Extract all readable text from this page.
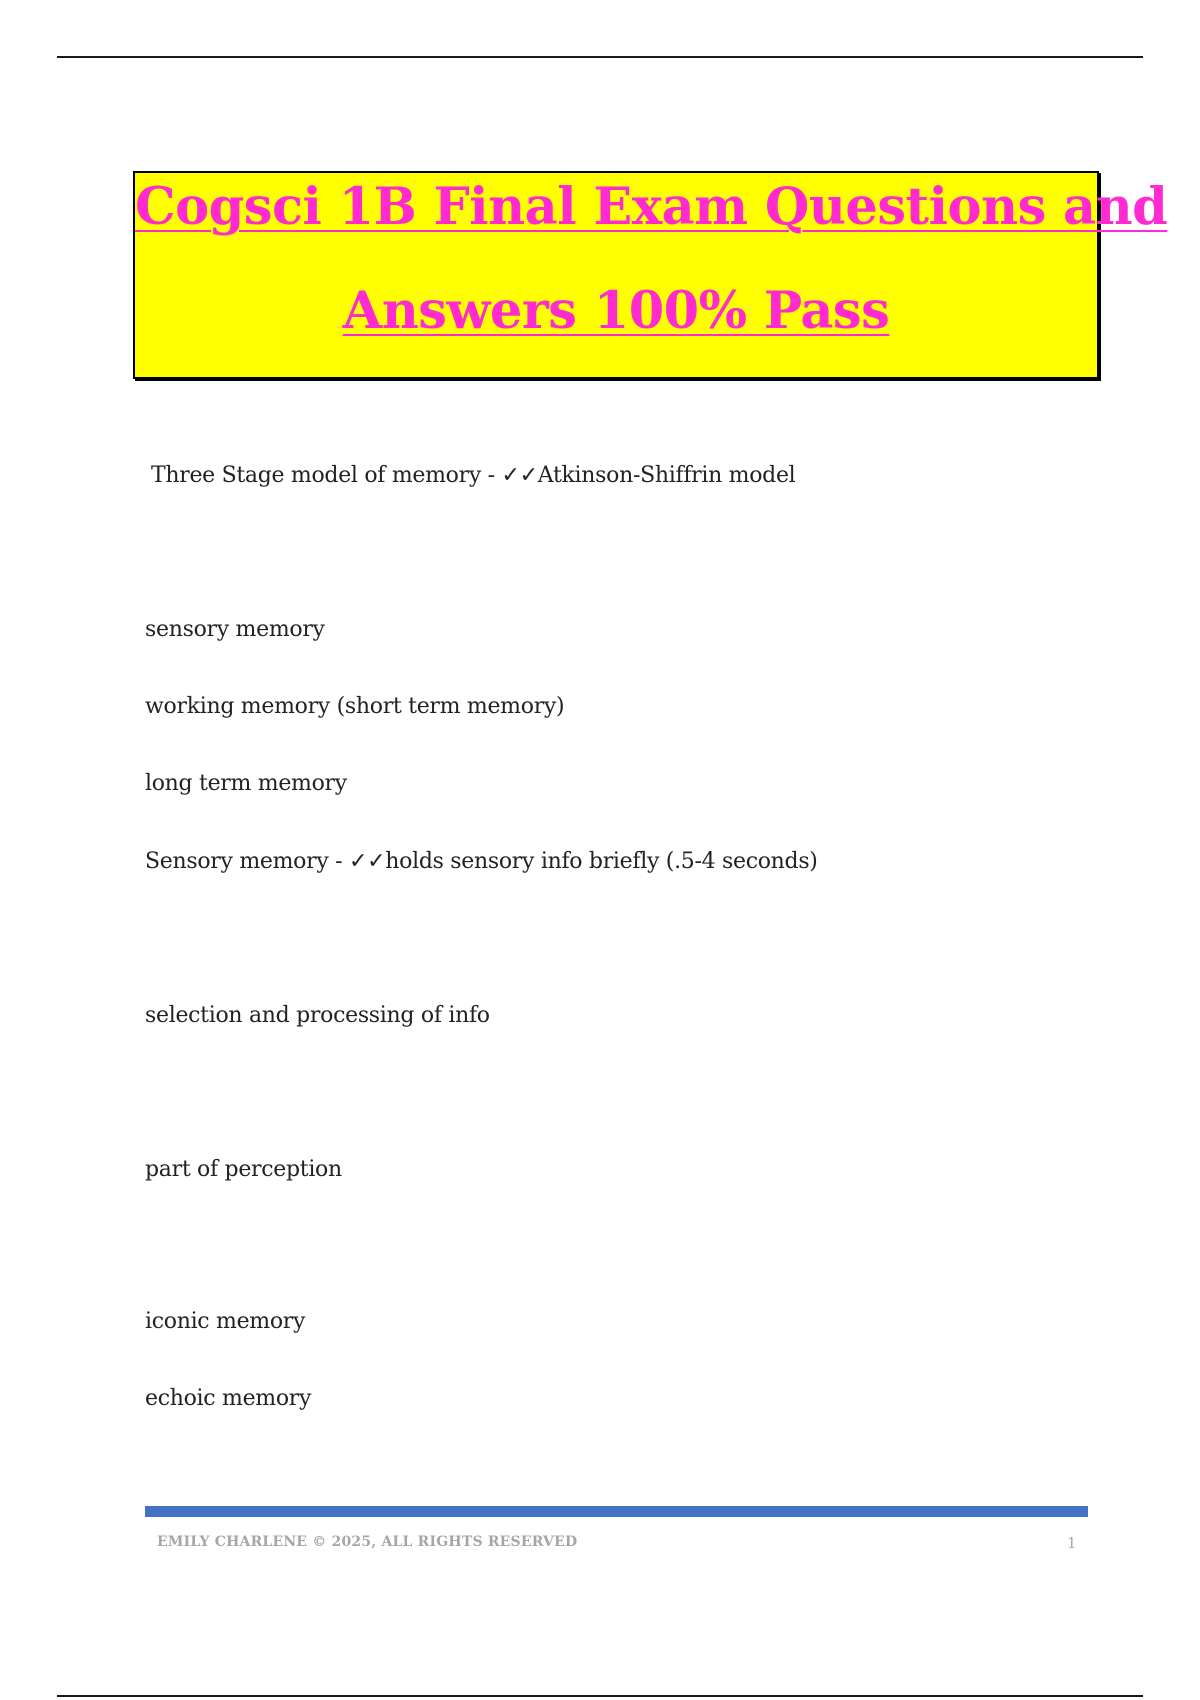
Cogsci 1B Final Exam Questions and
Answers 100% Pass
Three Stage model of memory - ✓✓Atkinson-Shiffrin model
sensory memory
working memory (short term memory)
long term memory
Sensory memory - ✓✓holds sensory info briefly (.5-4 seconds)
selection and processing of info
part of perception
iconic memory
echoic memory
EMILY CHARLENE © 2025, ALL RIGHTS RESERVED	1
